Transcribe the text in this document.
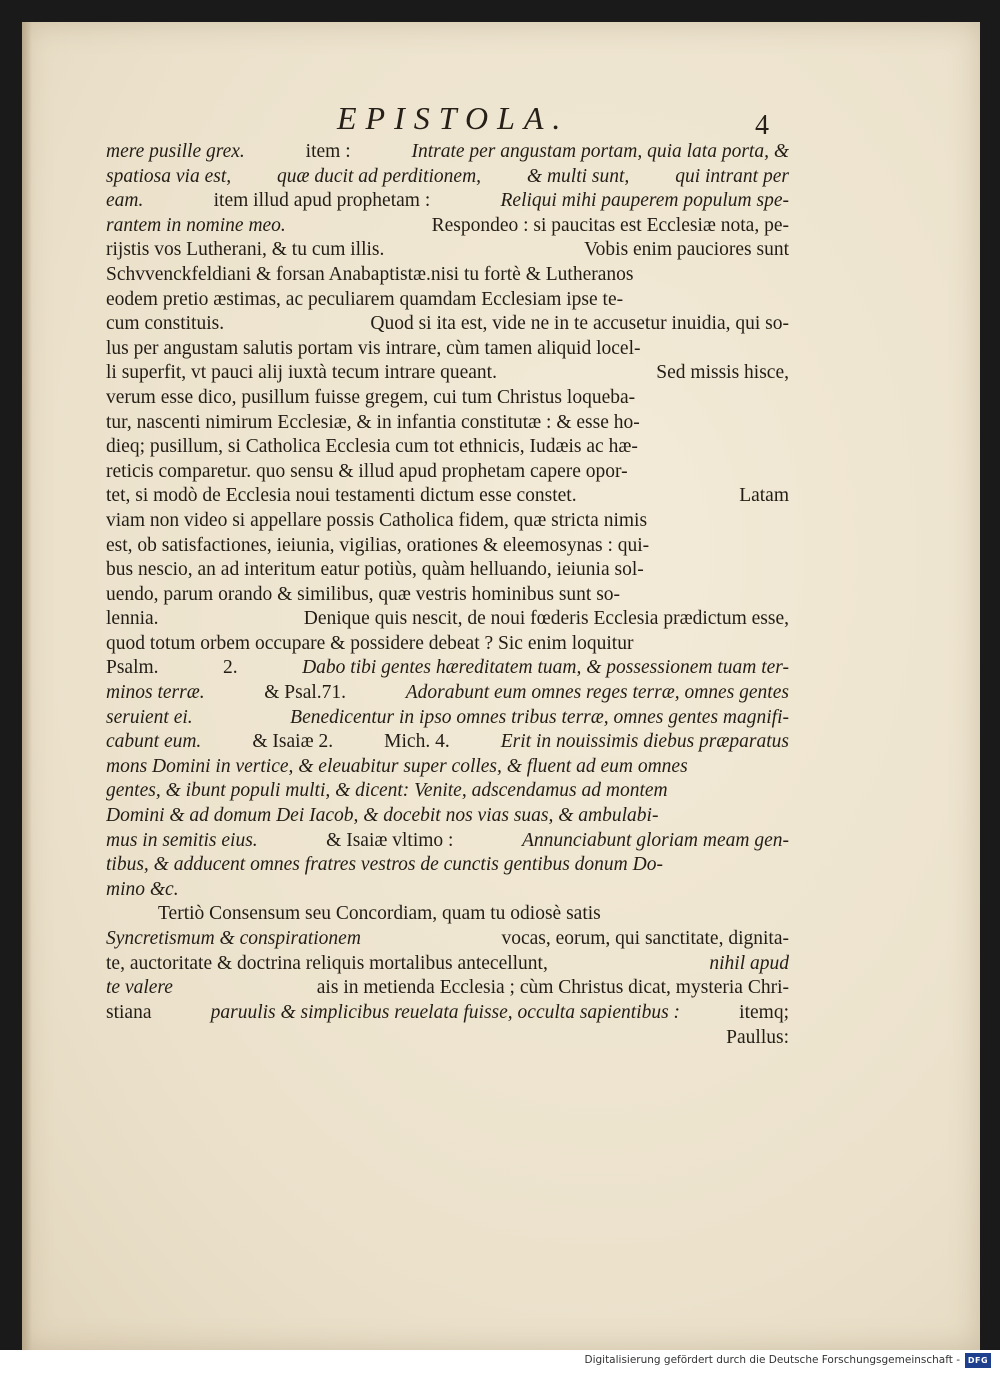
EPISTOLA.	4
mere pusille grex.	item :	Intrate per angustam portam, quia lata porta, &
spatiosa via est, quæ ducit ad perditionem, & multi sunt, qui intrant per
eam.	item illud apud prophetam :	Reliqui mihi pauperem populum spe-
rantem in nomine meo.	Respondeo : si paucitas est Ecclesiæ nota, pe-
rijstis vos Lutherani, & tu cum illis.	Vobis enim pauciores sunt
Schvvenckfeldiani & forsan Anabaptistæ.nisi tu fortè & Lutheranos
eodem pretio æstimas, ac peculiarem quamdam Ecclesiam ipse te-
cum constituis.	Quod si ita est, vide ne in te accusetur inuidia, qui so-
lus per angustam salutis portam vis intrare, cùm tamen aliquid locel-
li superfit, vt pauci alij iuxtà tecum intrare queant.	Sed missis hisce,
verum esse dico, pusillum fuisse gregem, cui tum Christus loqueba-
tur, nascenti nimirum Ecclesiæ, & in infantia constitutæ : & esse ho-
dieq; pusillum, si Catholica Ecclesia cum tot ethnicis, Iudæis ac hæ-
reticis comparetur. quo sensu & illud apud prophetam capere opor-
tet, si modò de Ecclesia noui testamenti dictum esse constet.	Latam
viam non video si appellare possis Catholica fidem, quæ stricta nimis
est, ob satisfactiones, ieiunia, vigilias, orationes & eleemosynas : qui-
bus nescio, an ad interitum eatur potiùs, quàm helluando, ieiunia sol-
uendo, parum orando & similibus, quæ vestris hominibus sunt so-
lennia.	Denique quis nescit, de noui fœderis Ecclesia prædictum esse,
quod totum orbem occupare & possidere debeat ? Sic enim loquitur
Psalm.	2.	Dabo tibi gentes hæreditatem tuam, & possessionem tuam ter-
minos terræ.	& Psal.71.	Adorabunt eum omnes reges terræ, omnes gentes
seruient ei.	Benedicentur in ipso omnes tribus terræ, omnes gentes magnifi-
cabunt eum.	& Isaiæ 2.	Mich. 4.	Erit in nouissimis diebus præparatus
mons Domini in vertice, & eleuabitur super colles, & fluent ad eum omnes
gentes, & ibunt populi multi, & dicent: Venite, adscendamus ad montem
Domini & ad domum Dei Iacob, & docebit nos vias suas, & ambulabi-
mus in semitis eius.	& Isaiæ vltimo :	Annunciabunt gloriam meam gen-
tibus, & adducent omnes fratres vestros de cunctis gentibus donum Do-
mino &c.
Tertiò Consensum seu Concordiam, quam tu odiosè satis
Syncretismum & conspirationem	vocas, eorum, qui sanctitate, dignita-
te, auctoritate & doctrina reliquis mortalibus antecellunt,	nihil apud
te valere	ais in metienda Ecclesia ; cùm Christus dicat, mysteria Chri-
stiana	paruulis & simplicibus reuelata fuisse, occulta sapientibus :	itemq;
Paullus:
Digitalisierung gefördert durch die Deutsche Forschungsgemeinschaft - DFG
